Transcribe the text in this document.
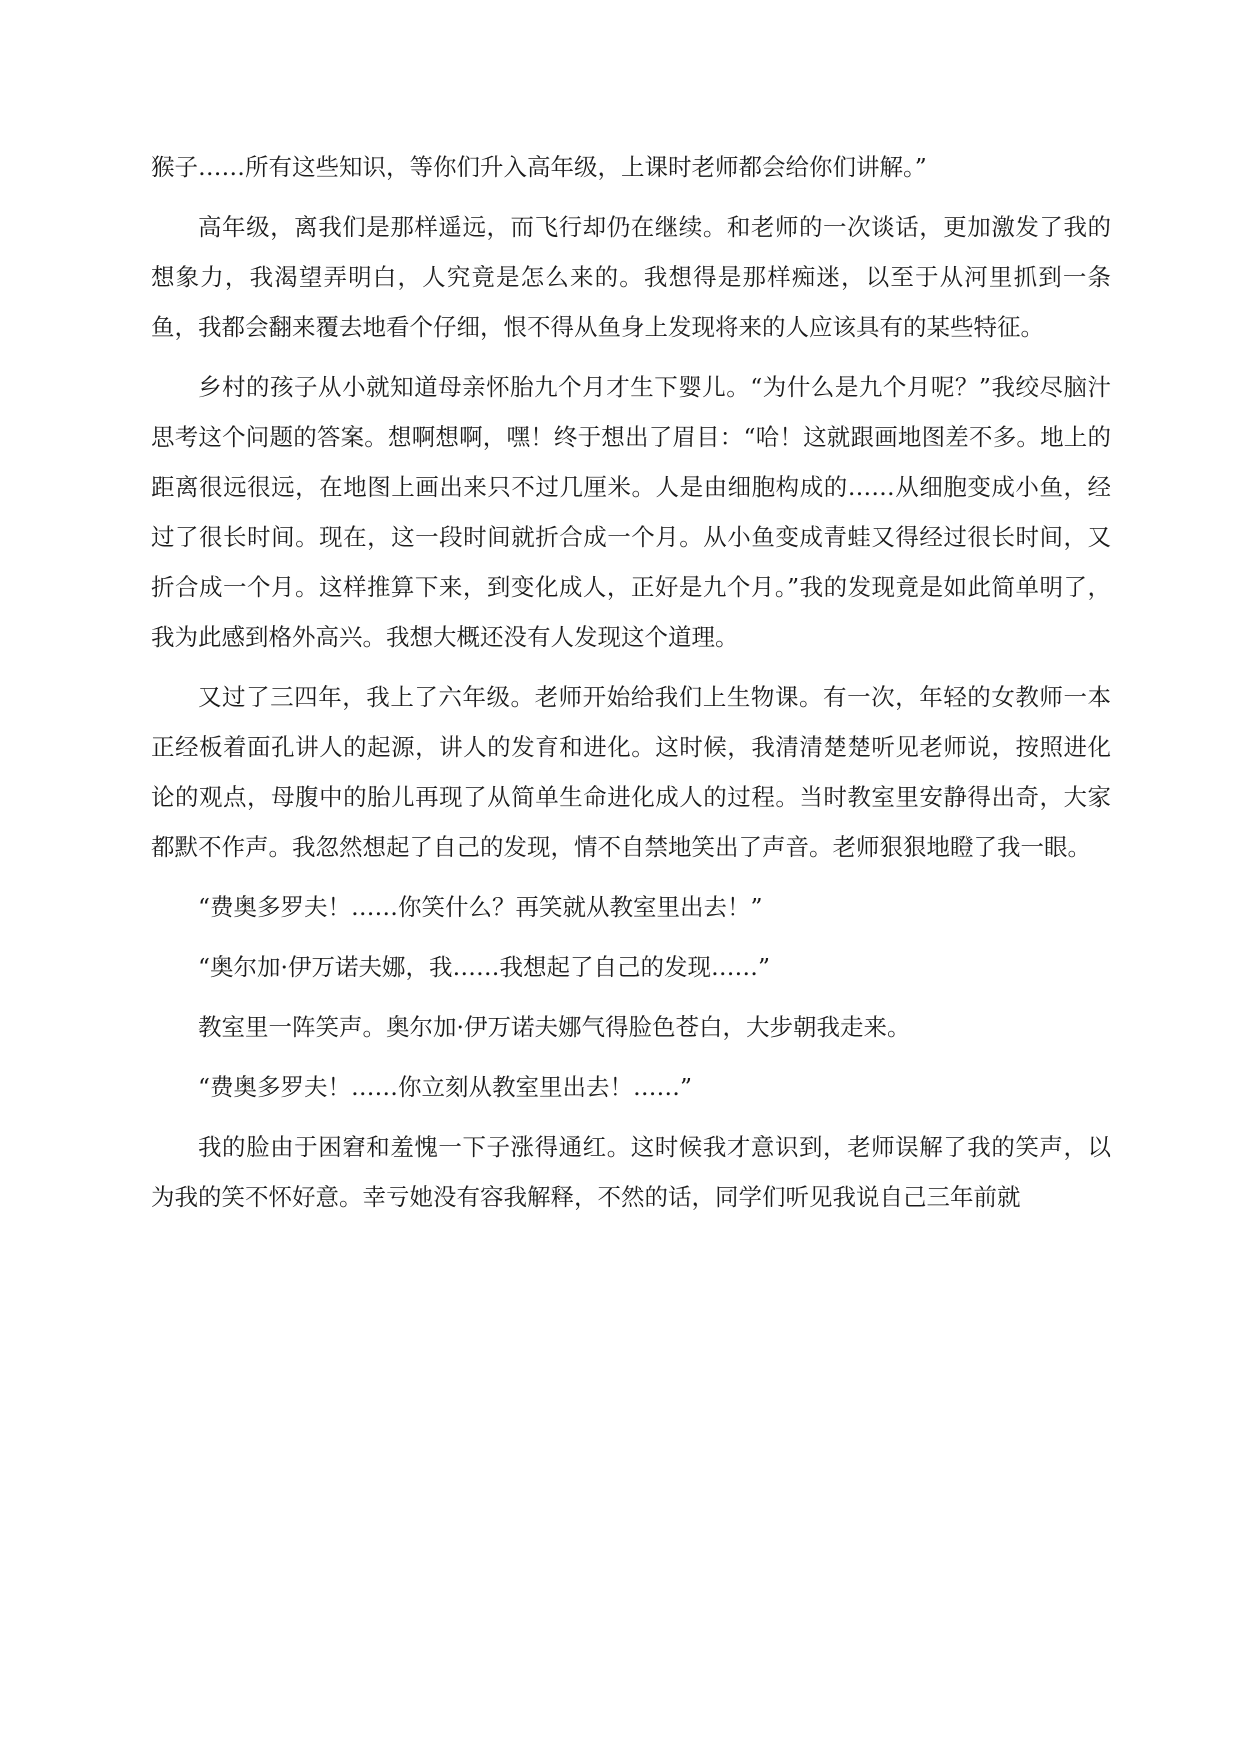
猴子……所有这些知识，等你们升入高年级，上课时老师都会给你们讲解。”

高年级，离我们是那样遥远，而飞行却仍在继续。和老师的一次谈话，更加激发了我的想象力，我渴望弄明白，人究竟是怎么来的。我想得是那样痴迷，以至于从河里抓到一条鱼，我都会翻来覆去地看个仔细，恨不得从鱼身上发现将来的人应该具有的某些特征。

乡村的孩子从小就知道母亲怀胎九个月才生下婴儿。“为什么是九个月呢？”我绞尽脑汁思考这个问题的答案。想啊想啊，嘿！终于想出了眉目：“哈！这就跟画地图差不多。地上的距离很远很远，在地图上画出来只不过几厘米。人是由细胞构成的……从细胞变成小鱼，经过了很长时间。现在，这一段时间就折合成一个月。从小鱼变成青蛙又得经过很长时间，又折合成一个月。这样推算下来，到变化成人，正好是九个月。”我的发现竟是如此简单明了，我为此感到格外高兴。我想大概还没有人发现这个道理。

又过了三四年，我上了六年级。老师开始给我们上生物课。有一次，年轻的女教师一本正经板着面孔讲人的起源，讲人的发育和进化。这时候，我清清楚楚听见老师说，按照进化论的观点，母腹中的胎儿再现了从简单生命进化成人的过程。当时教室里安静得出奇，大家都默不作声。我忽然想起了自己的发现，情不自禁地笑出了声音。老师狠狠地瞪了我一眼。

“费奥多罗夫！……你笑什么？再笑就从教室里出去！”

“奥尔加·伊万诺夫娜，我……我想起了自己的发现……”

教室里一阵笑声。奥尔加·伊万诺夫娜气得脸色苍白，大步朝我走来。

“费奥多罗夫！……你立刻从教室里出去！……”

我的脸由于困窘和羞愧一下子涨得通红。这时候我才意识到，老师误解了我的笑声，以为我的笑不怀好意。幸亏她没有容我解释，不然的话，同学们听见我说自己三年前就
